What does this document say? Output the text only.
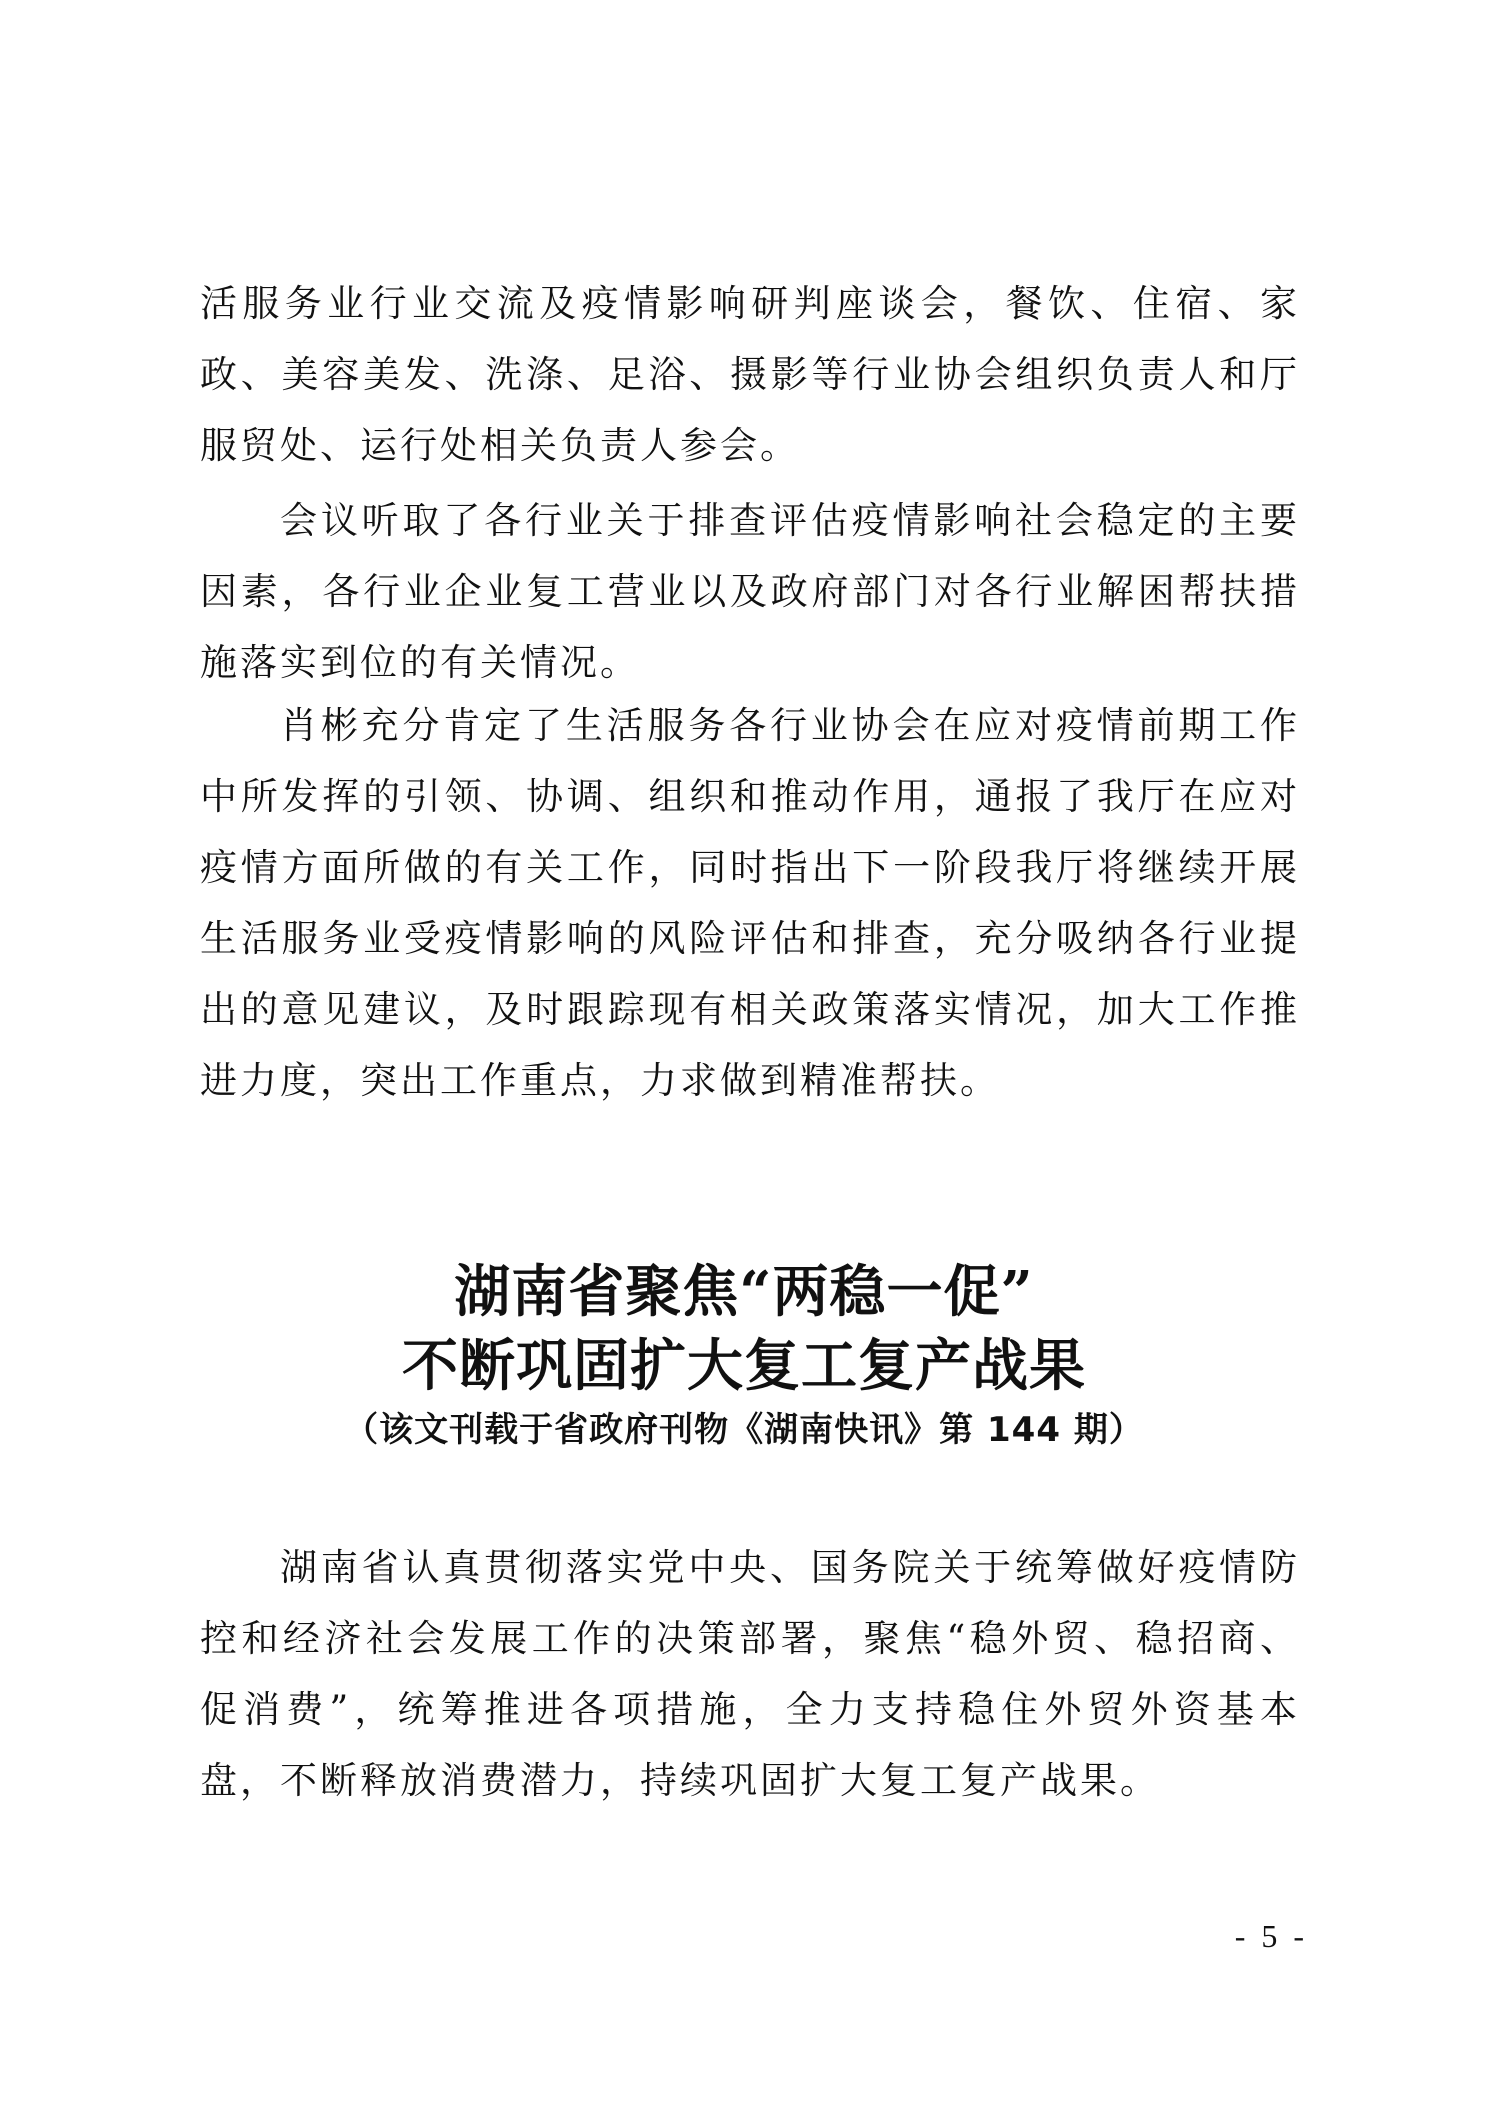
活服务业行业交流及疫情影响研判座谈会，餐饮、住宿、家政、美容美发、洗涤、足浴、摄影等行业协会组织负责人和厅服贸处、运行处相关负责人参会。

会议听取了各行业关于排查评估疫情影响社会稳定的主要因素，各行业企业复工营业以及政府部门对各行业解困帮扶措施落实到位的有关情况。

肖彬充分肯定了生活服务各行业协会在应对疫情前期工作中所发挥的引领、协调、组织和推动作用，通报了我厅在应对疫情方面所做的有关工作，同时指出下一阶段我厅将继续开展生活服务业受疫情影响的风险评估和排查，充分吸纳各行业提出的意见建议，及时跟踪现有相关政策落实情况，加大工作推进力度，突出工作重点，力求做到精准帮扶。

湖南省聚焦“两稳一促”
不断巩固扩大复工复产战果

（该文刊载于省政府刊物《湖南快讯》第 144 期）

湖南省认真贯彻落实党中央、国务院关于统筹做好疫情防控和经济社会发展工作的决策部署，聚焦“稳外贸、稳招商、促消费”，统筹推进各项措施，全力支持稳住外贸外资基本盘，不断释放消费潜力，持续巩固扩大复工复产战果。

- 5 -
